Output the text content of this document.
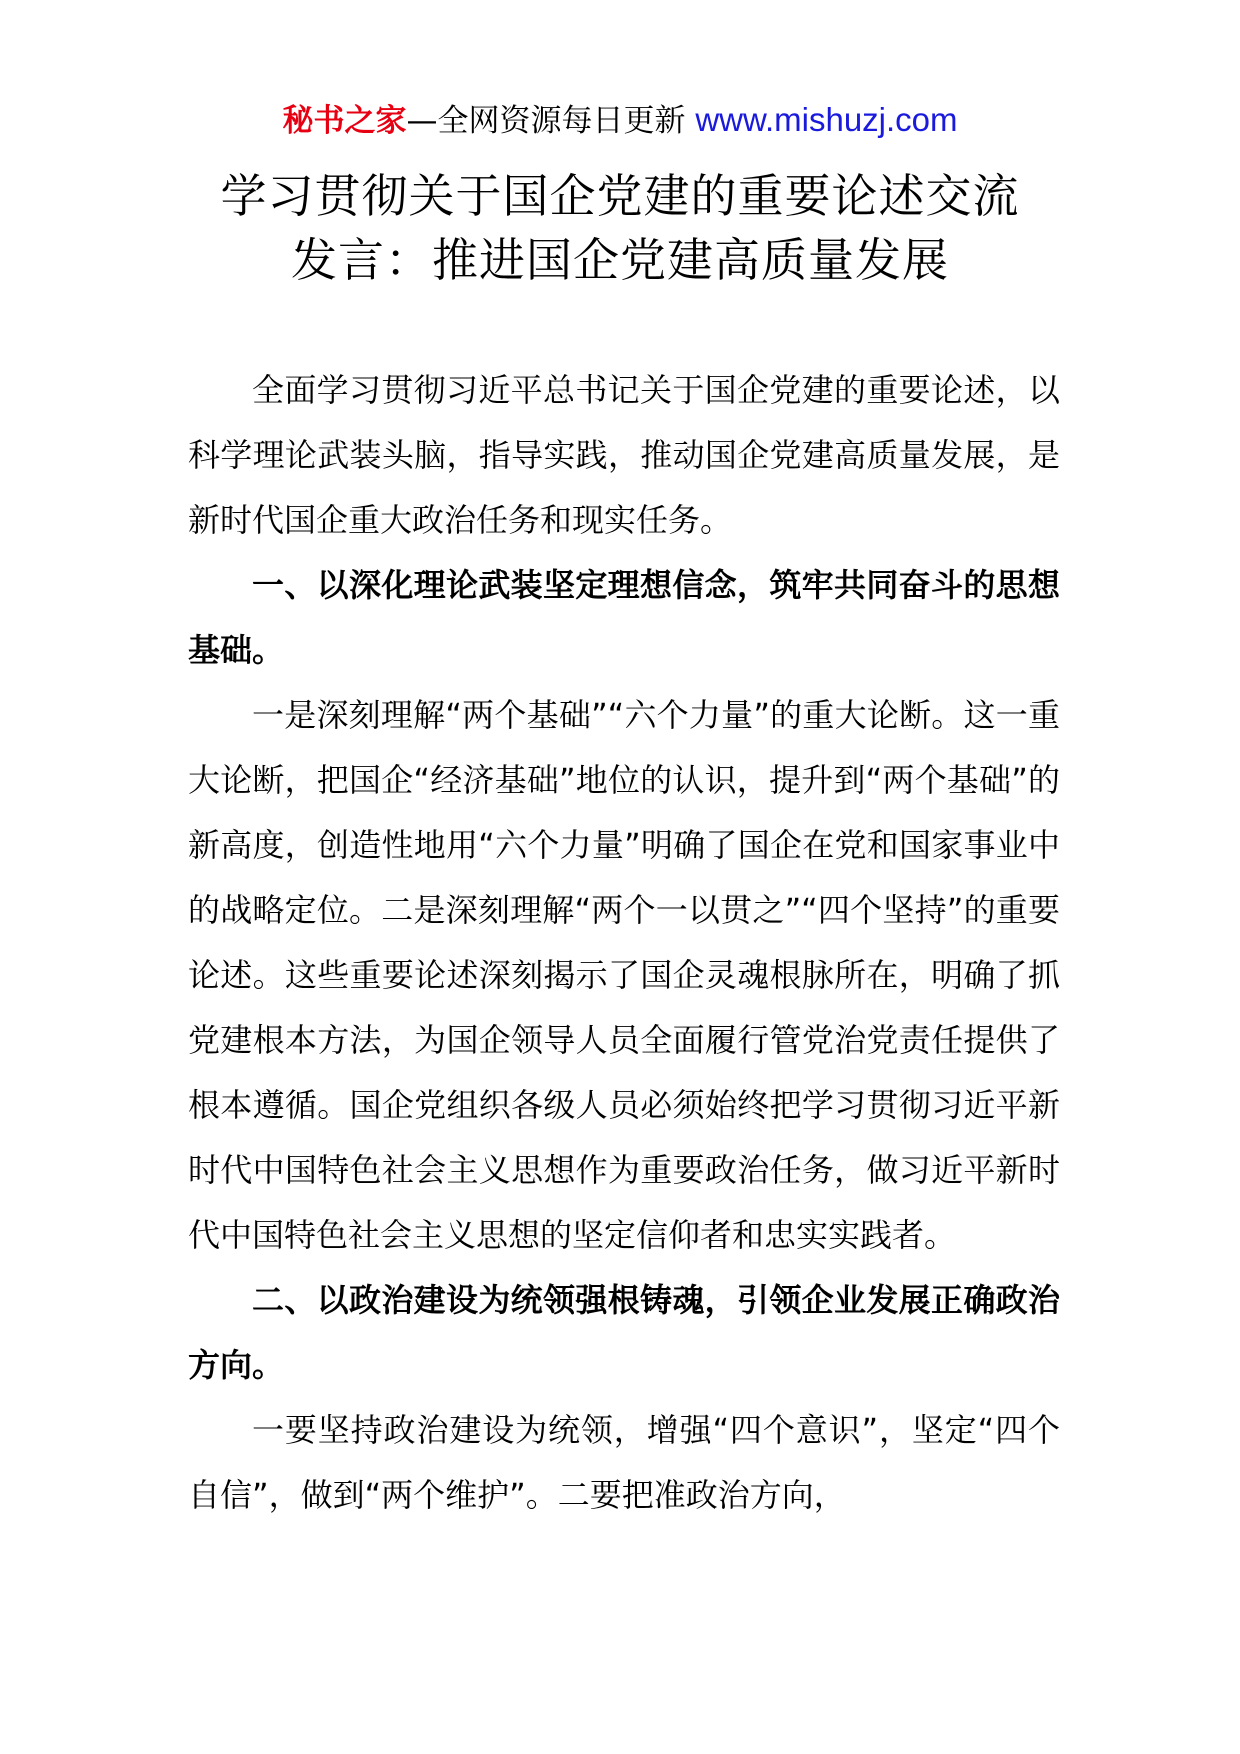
秘书之家—全网资源每日更新 www.mishuzj.com
学习贯彻关于国企党建的重要论述交流
发言：推进国企党建高质量发展

全面学习贯彻习近平总书记关于国企党建的重要论述，以科学理论武装头脑，指导实践，推动国企党建高质量发展，是新时代国企重大政治任务和现实任务。

一、以深化理论武装坚定理想信念，筑牢共同奋斗的思想基础。

一是深刻理解“两个基础”“六个力量”的重大论断。这一重大论断，把国企“经济基础”地位的认识，提升到“两个基础”的新高度，创造性地用“六个力量”明确了国企在党和国家事业中的战略定位。二是深刻理解“两个一以贯之”“四个坚持”的重要论述。这些重要论述深刻揭示了国企灵魂根脉所在，明确了抓党建根本方法，为国企领导人员全面履行管党治党责任提供了根本遵循。国企党组织各级人员必须始终把学习贯彻习近平新时代中国特色社会主义思想作为重要政治任务，做习近平新时代中国特色社会主义思想的坚定信仰者和忠实实践者。

二、以政治建设为统领强根铸魂，引领企业发展正确政治方向。

一要坚持政治建设为统领，增强“四个意识”，坚定“四个自信”，做到“两个维护”。二要把准政治方向，
